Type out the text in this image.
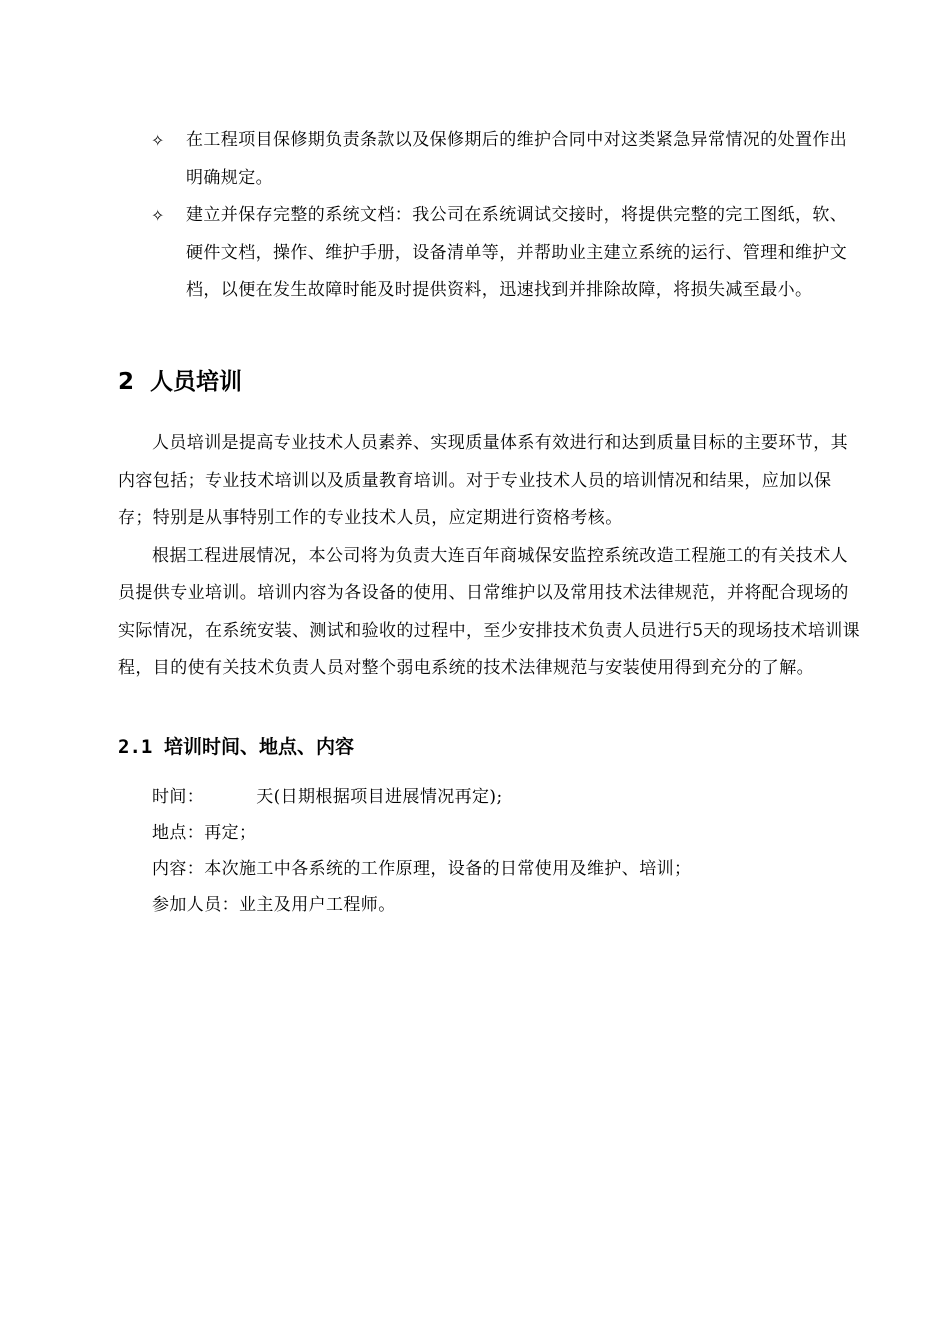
✧ 在工程项目保修期负责条款以及保修期后的维护合同中对这类紧急异常情况的处置作出明确规定。
✧ 建立并保存完整的系统文档：我公司在系统调试交接时，将提供完整的完工图纸，软、硬件文档，操作、维护手册，设备清单等，并帮助业主建立系统的运行、管理和维护文档，以便在发生故障时能及时提供资料，迅速找到并排除故障，将损失减至最小。
2 人员培训

人员培训是提高专业技术人员素养、实现质量体系有效进行和达到质量目标的主要环节，其内容包括；专业技术培训以及质量教育培训。对于专业技术人员的培训情况和结果，应加以保存；特别是从事特别工作的专业技术人员，应定期进行资格考核。

根据工程进展情况，本公司将为负责大连百年商城保安监控系统改造工程施工的有关技术人员提供专业培训。培训内容为各设备的使用、日常维护以及常用技术法律规范，并将配合现场的实际情况，在系统安装、测试和验收的过程中，至少安排技术负责人员进行5天的现场技术培训课程，目的使有关技术负责人员对整个弱电系统的技术法律规范与安装使用得到充分的了解。

2.1 培训时间、地点、内容
时间：	天(日期根据项目进展情况再定);
地点：再定；
内容：本次施工中各系统的工作原理，设备的日常使用及维护、培训；
参加人员：业主及用户工程师。
